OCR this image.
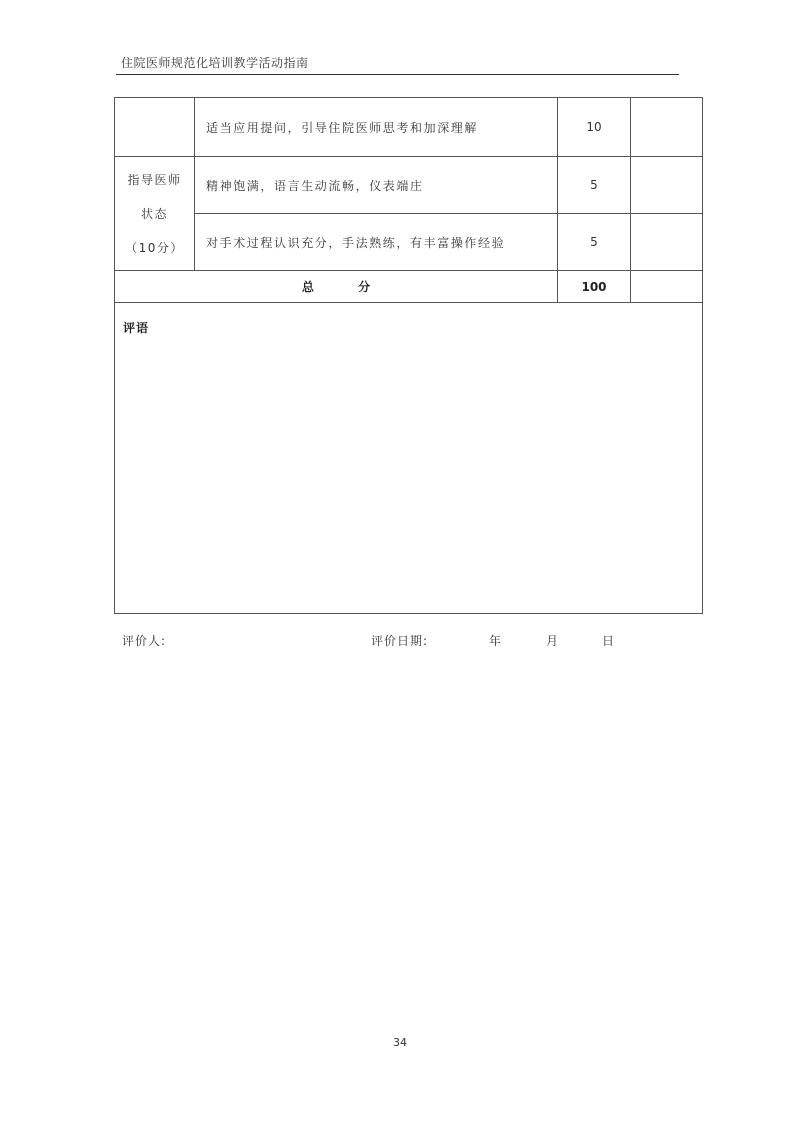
住院医师规范化培训教学活动指南
	适当应用提问，引导住院医师思考和加深理解	10	

指导医师
状态
（10分）	精神饱满，语言生动流畅，仪表端庄	5	
	对手术过程认识充分，手法熟练，有丰富操作经验	5	
总 分		100	

评语			
评价人:	评价日期:	年	月	日
34
